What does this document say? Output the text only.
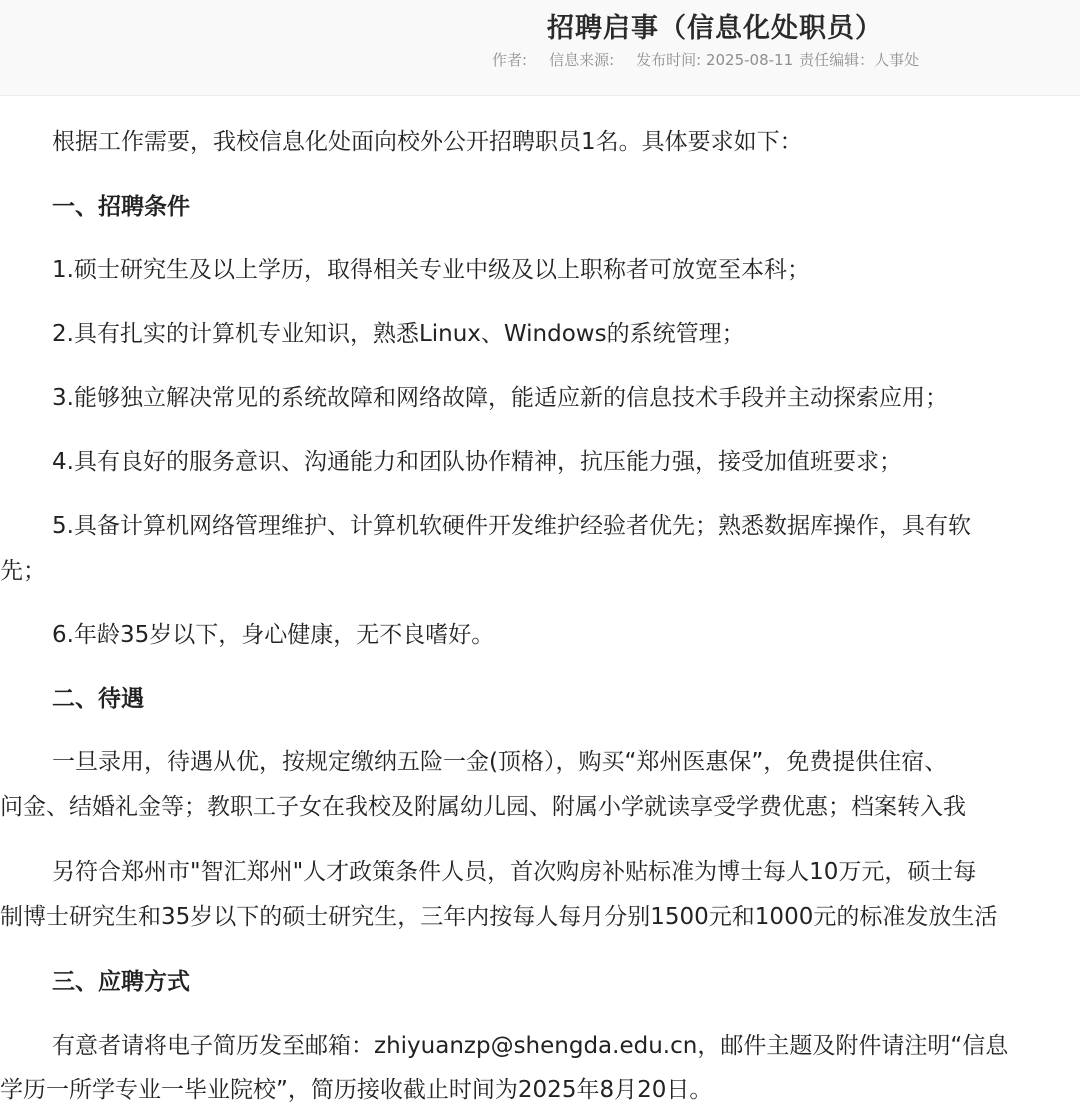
招聘启事（信息化处职员）
作者: 信息来源: 发布时间: 2025-08-11 责任编辑：人事处
根据工作需要，我校信息化处面向校外公开招聘职员1名。具体要求如下：
一、招聘条件
1.硕士研究生及以上学历，取得相关专业中级及以上职称者可放宽至本科；
2.具有扎实的计算机专业知识，熟悉Linux、Windows的系统管理；
3.能够独立解决常见的系统故障和网络故障，能适应新的信息技术手段并主动探索应用；
4.具有良好的服务意识、沟通能力和团队协作精神，抗压能力强，接受加值班要求；
5.具备计算机网络管理维护、计算机软硬件开发维护经验者优先；熟悉数据库操作，具有软
先；
6.年龄35岁以下，身心健康，无不良嗜好。
二、待遇
一旦录用，待遇从优，按规定缴纳五险一金(顶格），购买“郑州医惠保”，免费提供住宿、
问金、结婚礼金等；教职工子女在我校及附属幼儿园、附属小学就读享受学费优惠；档案转入我
另符合郑州市"智汇郑州"人才政策条件人员，首次购房补贴标准为博士每人10万元，硕士每
制博士研究生和35岁以下的硕士研究生，三年内按每人每月分别1500元和1000元的标准发放生活
三、应聘方式
有意者请将电子简历发至邮箱：zhiyuanzp@shengda.edu.cn，邮件主题及附件请注明“信息
学历一所学专业一毕业院校”，简历接收截止时间为2025年8月20日。
